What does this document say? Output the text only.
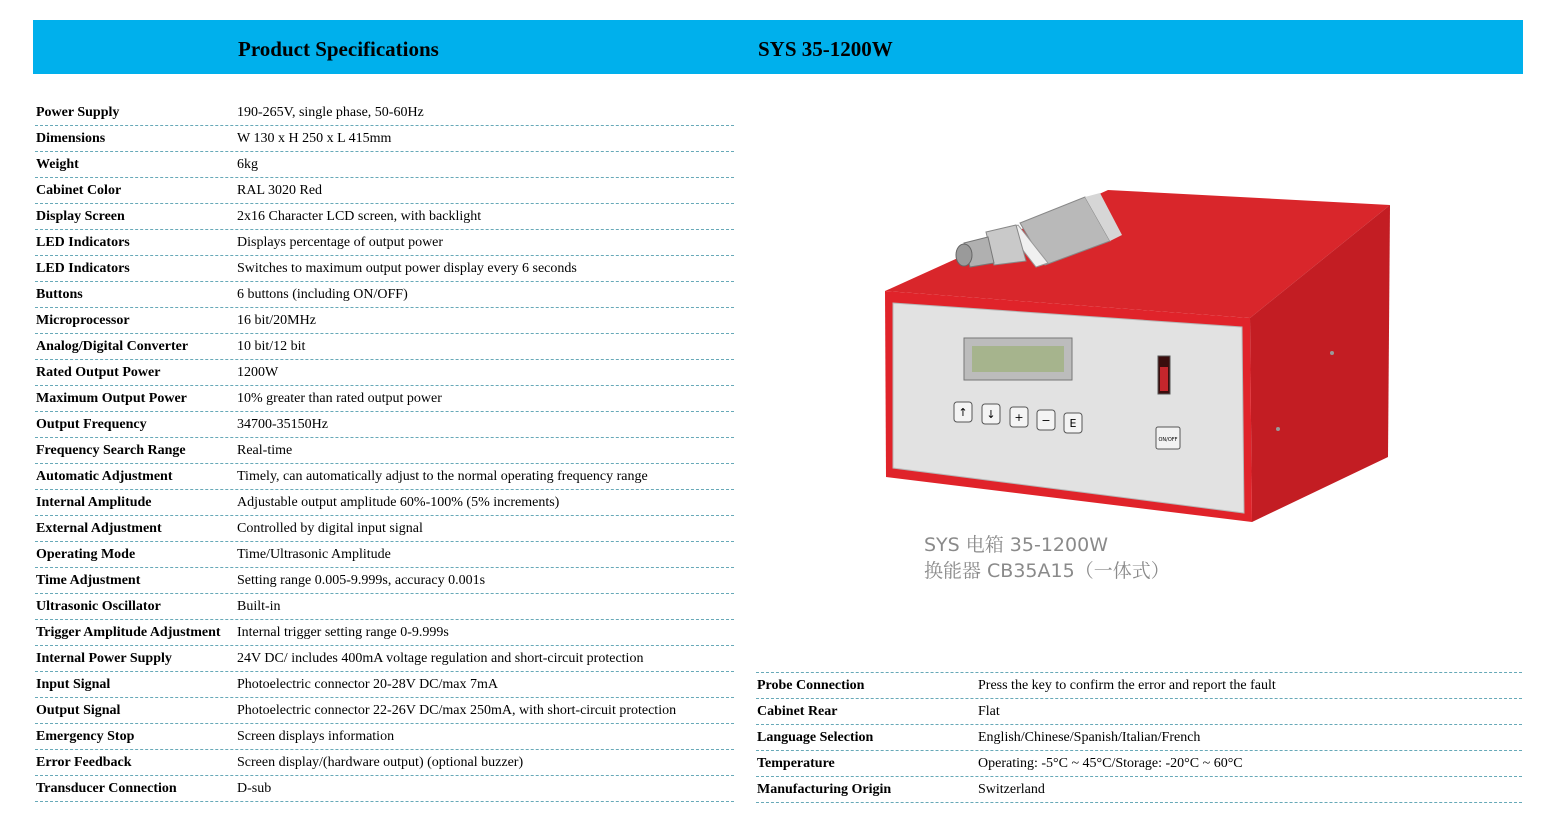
Product Specifications	SYS 35-1200W
Power Supply	190-265V, single phase, 50-60Hz
Dimensions	W 130 x H 250 x L 415mm
Weight	6kg
Cabinet Color	RAL 3020 Red
Display Screen	2x16 Character LCD screen, with backlight
LED Indicators	Displays percentage of output power
LED Indicators	Switches to maximum output power display every 6 seconds
Buttons	6 buttons (including ON/OFF)
Microprocessor	16 bit/20MHz
Analog/Digital Converter	10 bit/12 bit
Rated Output Power	1200W
Maximum Output Power	10% greater than rated output power
Output Frequency	34700-35150Hz
Frequency Search Range	Real-time
Automatic Adjustment	Timely, can automatically adjust to the normal operating frequency range
Internal Amplitude	Adjustable output amplitude 60%-100% (5% increments)
External Adjustment	Controlled by digital input signal
Operating Mode	Time/Ultrasonic Amplitude
Time Adjustment	Setting range 0.005-9.999s, accuracy 0.001s
Ultrasonic Oscillator	Built-in
Trigger Amplitude Adjustment	Internal trigger setting range 0-9.999s
Internal Power Supply	24V DC/ includes 400mA voltage regulation and short-circuit protection
Input Signal	Photoelectric connector 20-28V DC/max 7mA
Output Signal	Photoelectric connector 22-26V DC/max 250mA, with short-circuit protection
Emergency Stop	Screen displays information
Error Feedback	Screen display/(hardware output) (optional buzzer)
Transducer Connection	D-sub
Probe Connection	Press the key to confirm the error and report the fault
Cabinet Rear	Flat
Language Selection	English/Chinese/Spanish/Italian/French
Temperature	Operating: -5°C ~ 45°C/Storage: -20°C ~ 60°C
Manufacturing Origin	Switzerland
↑ ↓ + − E
ON/OFF
SYS 电箱 35-1200W
换能器 CB35A15（一体式）
